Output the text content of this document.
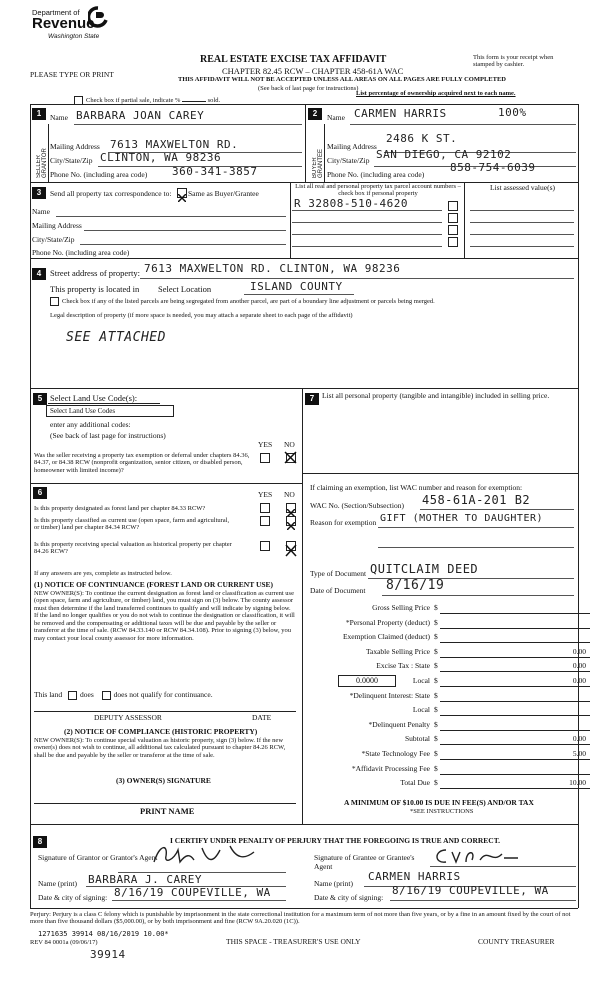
Department of
Revenue
Washington State
PLEASE TYPE OR PRINT
REAL ESTATE EXCISE TAX AFFIDAVIT
CHAPTER 82.45 RCW – CHAPTER 458-61A WAC
THIS AFFIDAVIT WILL NOT BE ACCEPTED UNLESS ALL AREAS ON ALL PAGES ARE FULLY COMPLETED
(See back of last page for instructions)
This form is your receipt when stamped by cashier.
Check box if partial sale, indicate %	sold.
List percentage of ownership acquired next to each name.
1
SELLER GRANTOR
Name BARBARA JOAN CAREY
Mailing Address 7613 MAXWELTON RD.
City/State/Zip CLINTON, WA 98236
Phone No. (including area code) 360-341-3857
2
BUYER GRANTEE
Name CARMEN HARRIS	100%
Mailing Address
2486 K ST.
City/State/Zip SAN DIEGO, CA 92102
Phone No. (including area code)
858-754-6039
3	Send all property tax correspondence to: Same as Buyer/Grantee
Name
Mailing Address
City/State/Zip
Phone No. (including area code)
List all real and personal property tax parcel account numbers – check box if personal property
R 32808-510-4620
List assessed value(s)
4	Street address of property: 7613 MAXWELTON RD. CLINTON, WA 98236
This property is located in Select Location	ISLAND COUNTY
Check box if any of the listed parcels are being segregated from another parcel, are part of a boundary line adjustment or parcels being merged.
Legal description of property (if more space is needed, you may attach a separate sheet to each page of the affidavit)
SEE ATTACHED
5 Select Land Use Code(s):
Select Land Use Codes
enter any additional codes:
(See back of last page for instructions)
YES NO
Was the seller receiving a property tax exemption or deferral under chapters 84.36, 84.37, or 84.38 RCW (nonprofit organization, senior citizen, or disabled person, homeowner with limited income)?
6	YES NO
Is this property designated as forest land per chapter 84.33 RCW?
Is this property classified as current use (open space, farm and agricultural, or timber) land per chapter 84.34 RCW?
Is this property receiving special valuation as historical property per chapter 84.26 RCW?
If any answers are yes, complete as instructed below.
(1) NOTICE OF CONTINUANCE (FOREST LAND OR CURRENT USE)
NEW OWNER(S): To continue the current designation as forest land or classification as current use (open space, farm and agriculture, or timber) land, you must sign on (3) below. The county assessor must then determine if the land transferred continues to qualify and will indicate by signing below. If the land no longer qualifies or you do not wish to continue the designation or classification, it will be removed and the compensating or additional taxes will be due and payable by the seller or transferor at the time of sale. (RCW 84.33.140 or RCW 84.34.108). Prior to signing (3) below, you may contact your local county assessor for more information.
This land does	does not qualify for continuance.
DEPUTY ASSESSOR	DATE
(2) NOTICE OF COMPLIANCE (HISTORIC PROPERTY)
NEW OWNER(S): To continue special valuation as historic property, sign (3) below. If the new owner(s) does not wish to continue, all additional tax calculated pursuant to chapter 84.26 RCW, shall be due and payable by the seller or transferor at the time of sale.
(3) OWNER(S) SIGNATURE
PRINT NAME
7	List all personal property (tangible and intangible) included in selling price.
If claiming an exemption, list WAC number and reason for exemption:
WAC No. (Section/Subsection) 458-61A-201 B2
Reason for exemption GIFT (MOTHER TO DAUGHTER)
Type of Document QUITCLAIM DEED
Date of Document 8/16/19
Gross Selling Price $
*Personal Property (deduct) $
Exemption Claimed (deduct) $
Taxable Selling Price $	0.00
Excise Tax : State $	0.00
Local $	0.00
*Delinquent Interest: State $
Local $
*Delinquent Penalty $
Subtotal $	0.00
*State Technology Fee $	5.00
*Affidavit Processing Fee $
Total Due $	10.00
0.0000
A MINIMUM OF $10.00 IS DUE IN FEE(S) AND/OR TAX
*SEE INSTRUCTIONS
8	I CERTIFY UNDER PENALTY OF PERJURY THAT THE FOREGOING IS TRUE AND CORRECT.
Signature of Grantor or Grantor's Agent
Name (print) BARBARA J. CAREY
Date & city of signing: 8/16/19 COUPEVILLE, WA
Signature of Grantee or Grantee's Agent
Name (print)
CARMEN HARRIS
Date & city of signing:
8/16/19 COUPEVILLE, WA
Perjury: Perjury is a class C felony which is punishable by imprisonment in the state correctional institution for a maximum term of not more than five years, or by a fine in an amount fixed by the court of not more than five thousand dollars ($5,000.00), or by both imprisonment and fine (RCW 9A.20.020 (1C)).
1271635 39914 08/16/2019 10.00*
REV 84 0001a (09/06/17)
39914
THIS SPACE - TREASURER'S USE ONLY	COUNTY TREASURER
